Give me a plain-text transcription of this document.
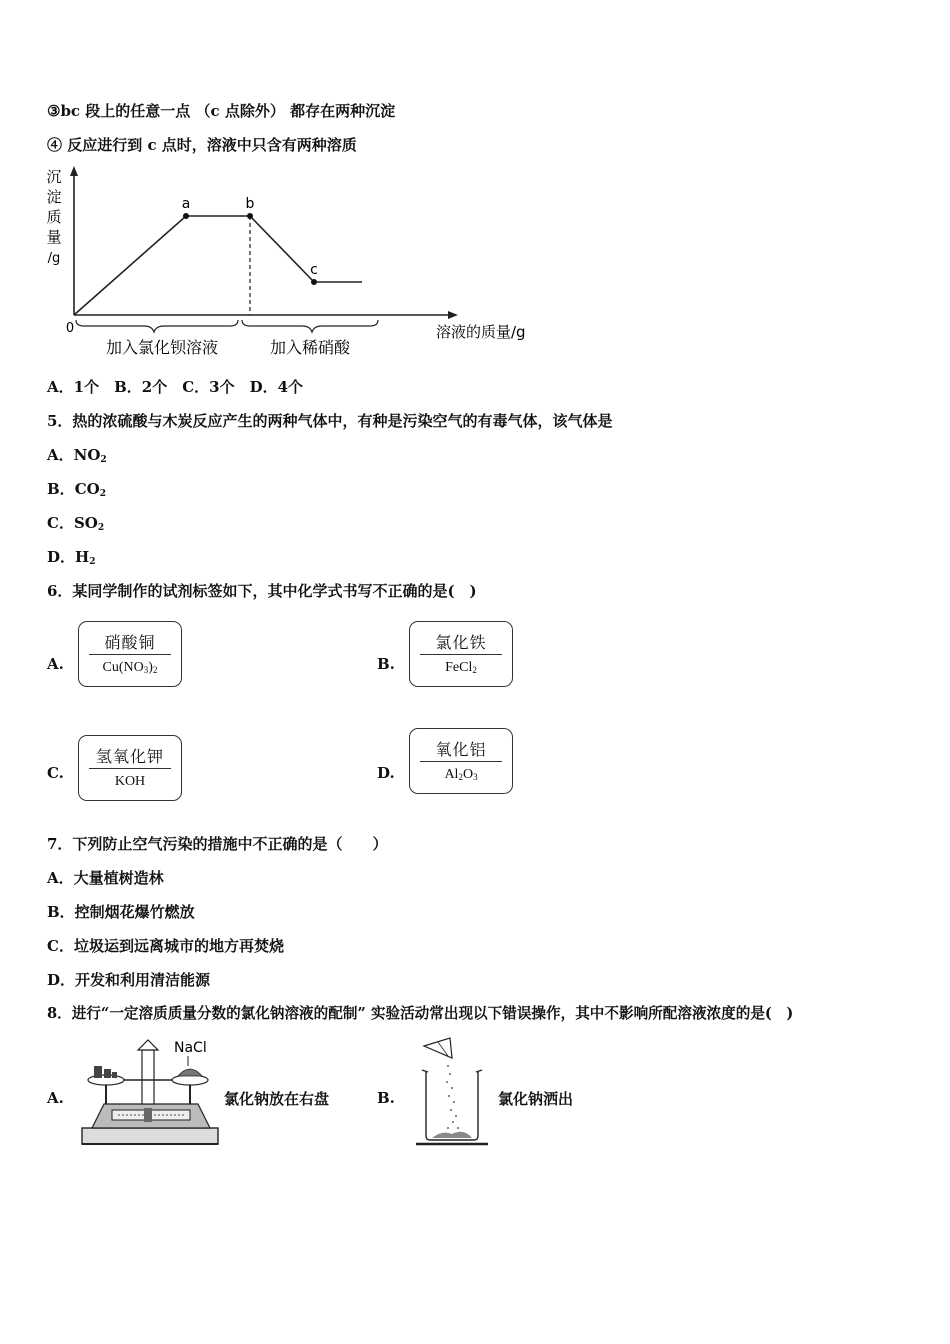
③bc 段上的任意一点 （c 点除外） 都存在两种沉淀
④ 反应进行到 c 点时，溶液中只含有两种溶质
沉
淀
质
量
/g
0	溶液的质量/g
a	b
c
加入氯化钡溶液	加入稀硝酸
A．1个　B．2个　C．3个　D．4个
5．热的浓硫酸与木炭反应产生的两种气体中，有种是污染空气的有毒气体，该气体是
A．$NO_2$
B．$CO_2$
C．$SO_2$
D．$H_2$
6．某同学制作的试剂标签如下，其中化学式书写不正确的是(　)
A.
硝酸铜
$Cu(NO_3)_2$	B.
氯化铁
FeCl$_2$
C.
氢氧化钾
KOH	D.
氧化铝
$Al_2O_3$
7．下列防止空气污染的措施中不正确的是（　　）
A．大量植树造林
B．控制烟花爆竹燃放
C．垃圾运到远离城市的地方再焚烧
D．开发和利用清洁能源
8．进行“一定溶质质量分数的氯化钠溶液的配制” 实验活动常出现以下错误操作，其中不影响所配溶液浓度的是(　)
A.
NaCl
氯化钠放在右盘	B.	氯化钠洒出
